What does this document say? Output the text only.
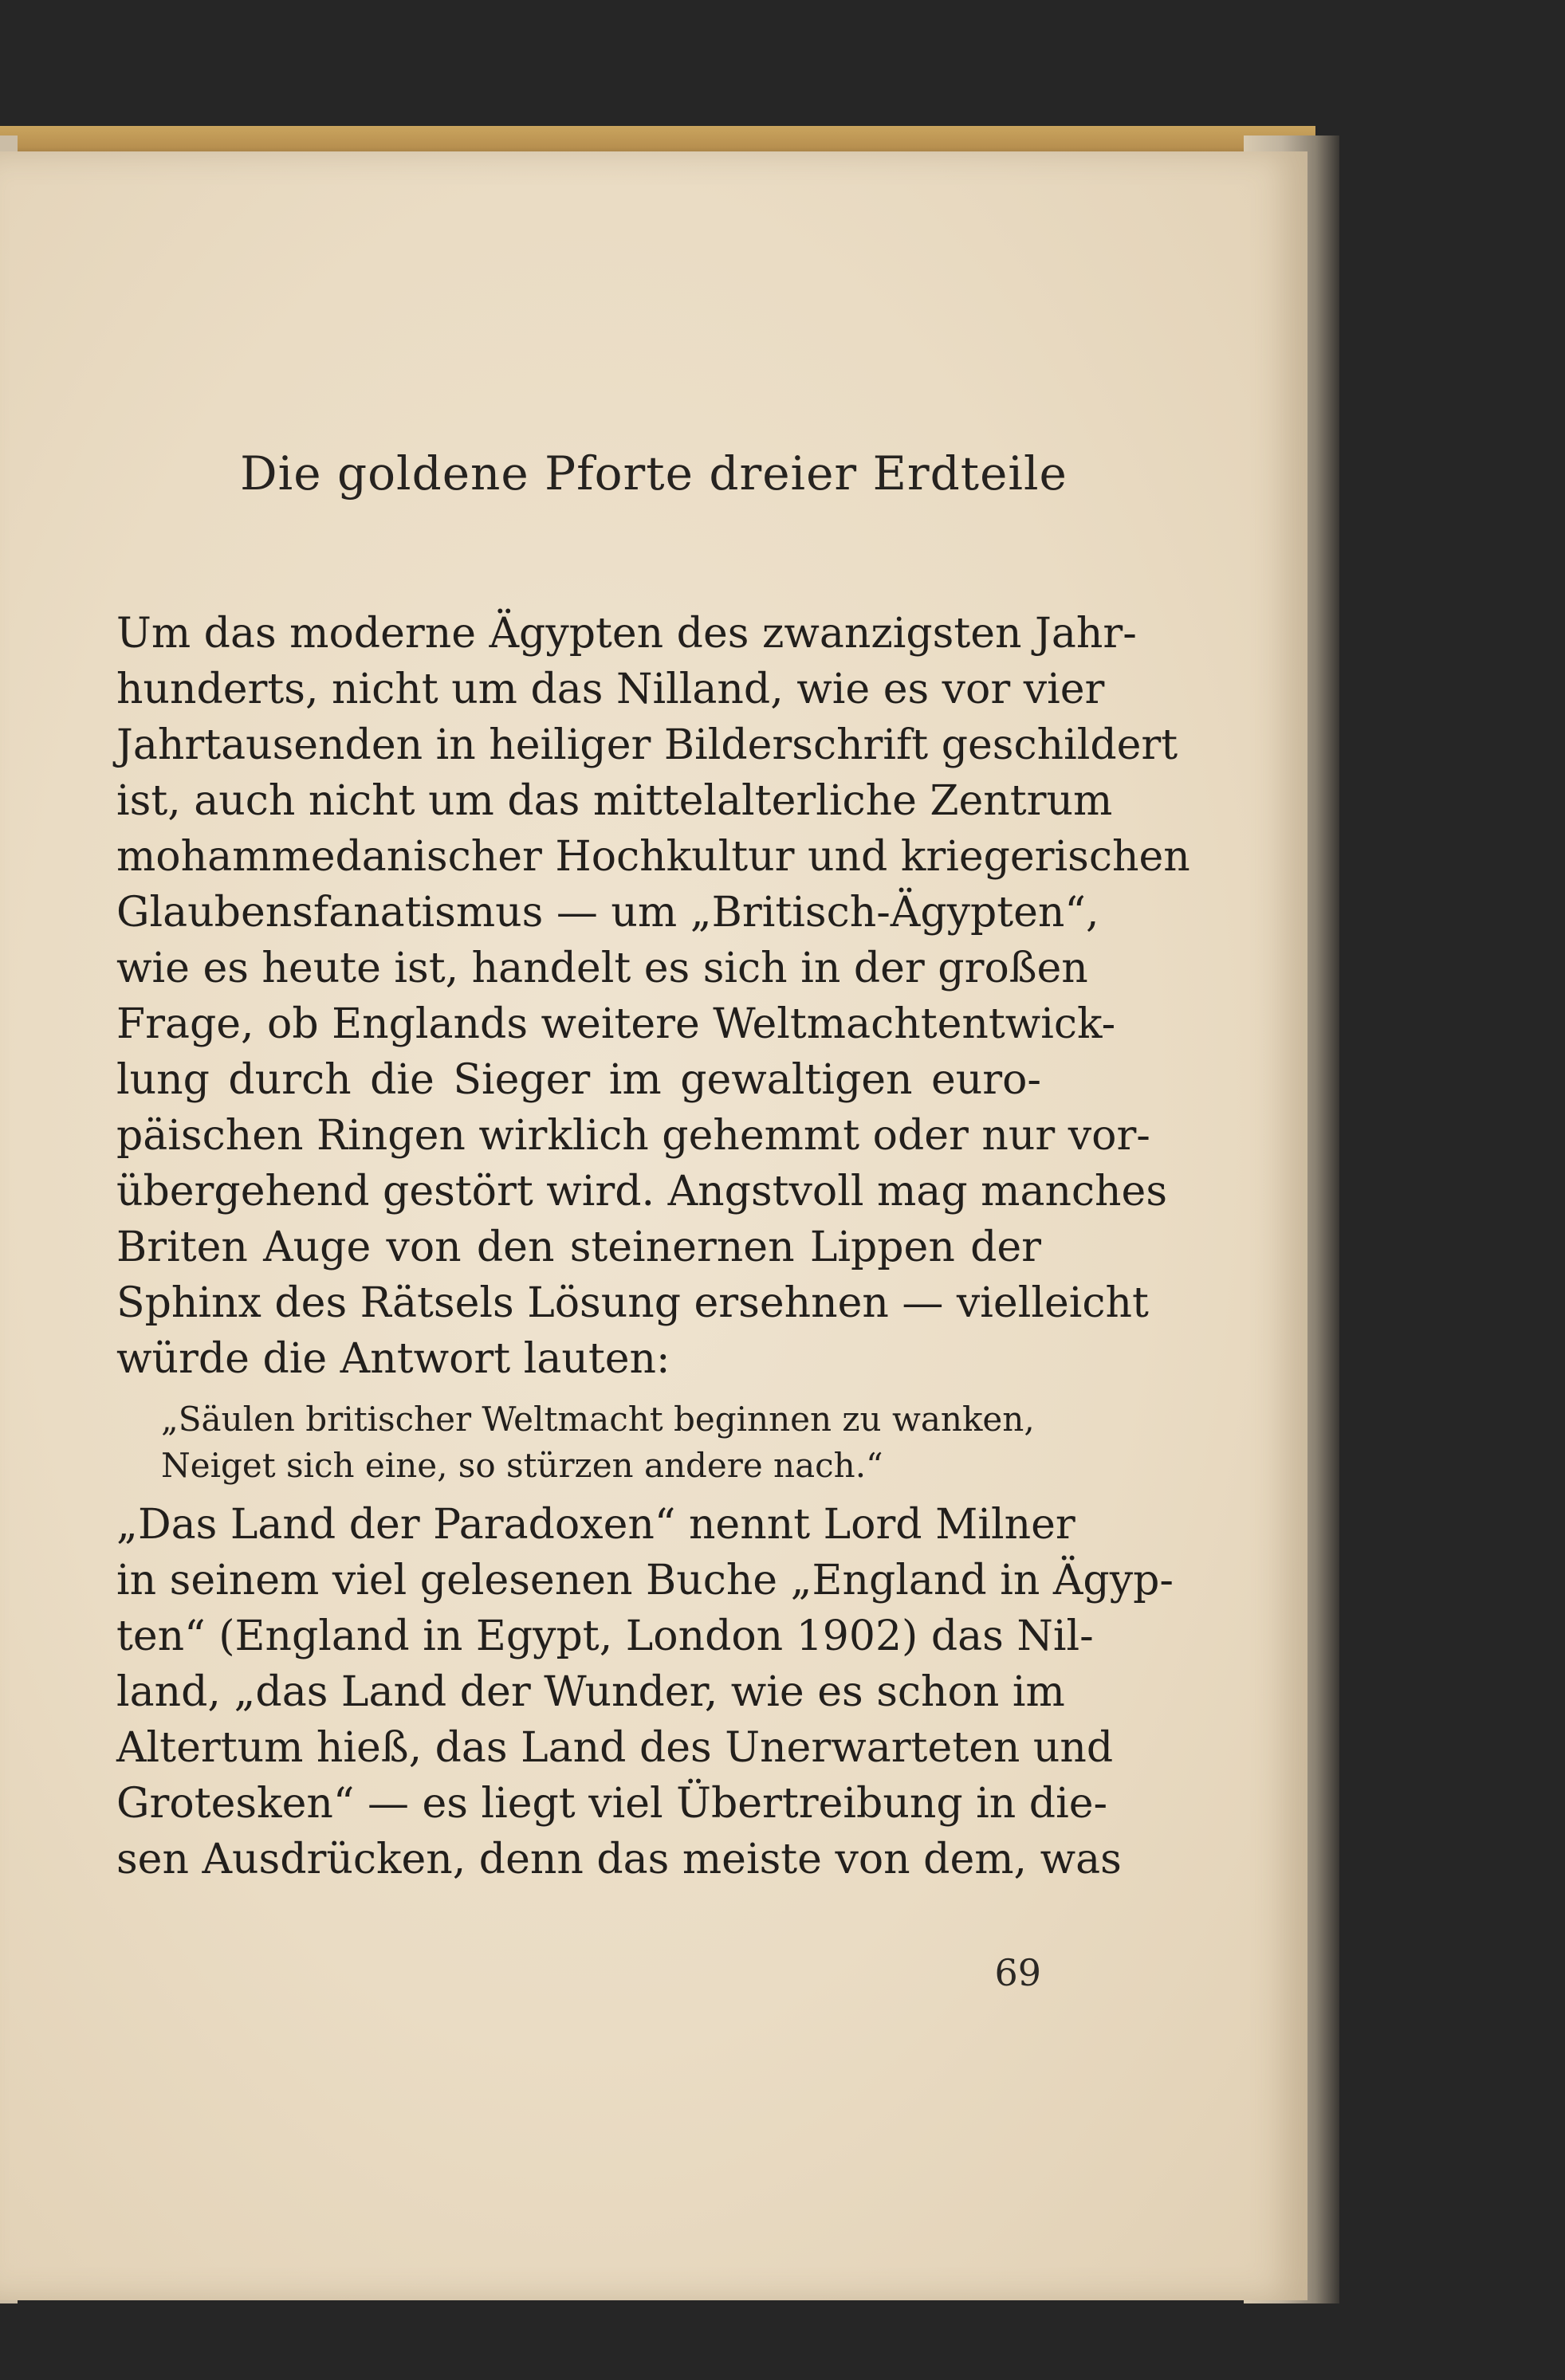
Die goldene Pforte dreier Erdteile
Um das moderne Ägypten des zwanzigsten Jahr-
hunderts, nicht um das Nilland, wie es vor vier
Jahrtausenden in heiliger Bilderschrift geschildert
ist, auch nicht um das mittelalterliche Zentrum
mohammedanischer Hochkultur und kriegerischen
Glaubensfanatismus — um „Britisch-Ägypten“,
wie es heute ist, handelt es sich in der großen
Frage, ob Englands weitere Weltmachtentwick-
lung durch die Sieger im gewaltigen euro-
päischen Ringen wirklich gehemmt oder nur vor-
übergehend gestört wird. Angstvoll mag manches
Briten Auge von den steinernen Lippen der
Sphinx des Rätsels Lösung ersehnen — vielleicht
würde die Antwort lauten:
„Säulen britischer Weltmacht beginnen zu wanken,
Neiget sich eine, so stürzen andere nach.“
„Das Land der Paradoxen“ nennt Lord Milner
in seinem viel gelesenen Buche „England in Ägyp-
ten“ (England in Egypt, London 1902) das Nil-
land, „das Land der Wunder, wie es schon im
Altertum hieß, das Land des Unerwarteten und
Grotesken“ — es liegt viel Übertreibung in die-
sen Ausdrücken, denn das meiste von dem, was
69
